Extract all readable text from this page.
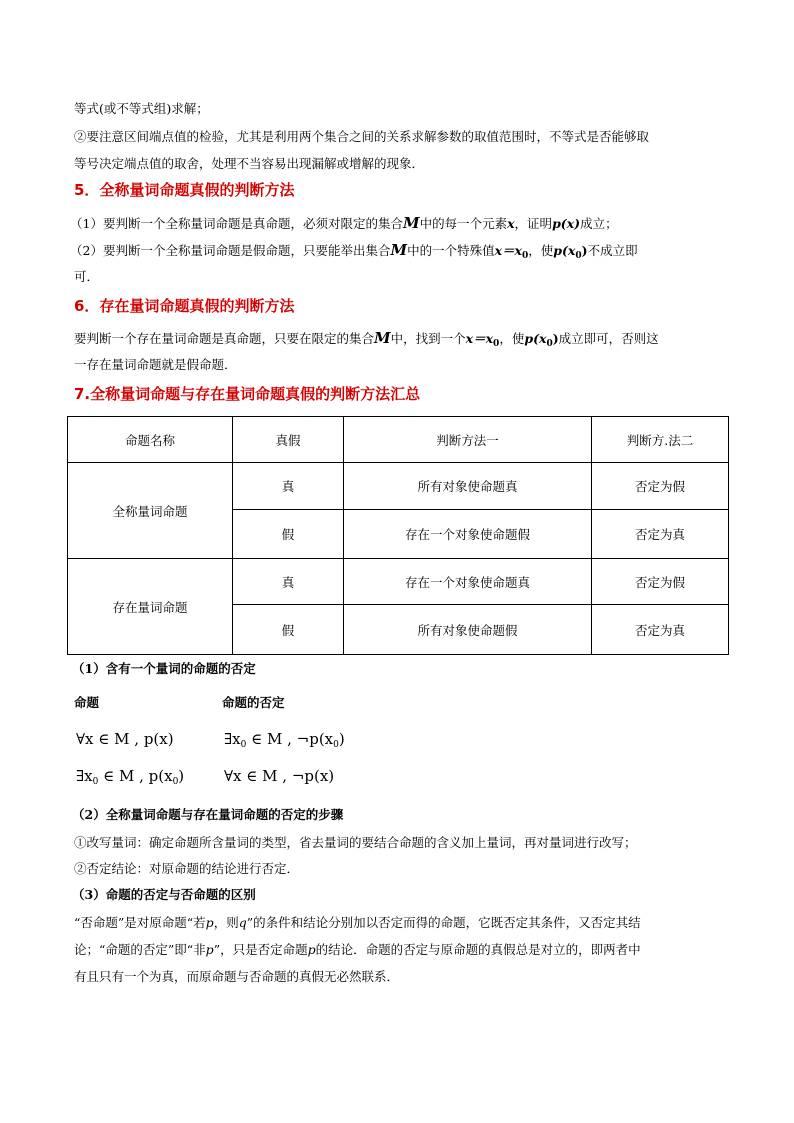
等式(或不等式组)求解；
②要注意区间端点值的检验，尤其是利用两个集合之间的关系求解参数的取值范围时，不等式是否能够取
等号决定端点值的取舍，处理不当容易出现漏解或增解的现象．
5．全称量词命题真假的判断方法
（1）要判断一个全称量词命题是真命题，必须对限定的集合M中的每一个元素x，证明p(x)成立；
（2）要判断一个全称量词命题是假命题，只要能举出集合M中的一个特殊值$x=x_0$，使$p(x_0)$不成立即
可．
6．存在量词命题真假的判断方法
要判断一个存在量词命题是真命题，只要在限定的集合M中，找到一个$x=x_0$，使$p(x_0)$成立即可，否则这
一存在量词命题就是假命题．
7.全称量词命题与存在量词命题真假的判断方法汇总
命题名称	真假	判断方法一	判断方.法二
全称量词命题	真	所有对象使命题真	否定为假
	假	存在一个对象使命题假	否定为真
存在量词命题	真	存在一个对象使命题真	否定为假
	假	所有对象使命题假	否定为真
（1）含有一个量词的命题的否定
命题	命题的否定
∀x ∈ M , p(x)	$\exists x_0$ ∈ M , $\neg p(x_0)$
$\exists x_0$ ∈ M , $p(x_0)$	∀x ∈ M , ¬p(x)
（2）全称量词命题与存在量词命题的否定的步骤
①改写量词：确定命题所含量词的类型，省去量词的要结合命题的含义加上量词，再对量词进行改写；
②否定结论：对原命题的结论进行否定．
（3）命题的否定与否命题的区别
“否命题”是对原命题“若p，则q”的条件和结论分别加以否定而得的命题，它既否定其条件，又否定其结
论；“命题的否定”即“非p”，只是否定命题p的结论．命题的否定与原命题的真假总是对立的，即两者中
有且只有一个为真，而原命题与否命题的真假无必然联系．
